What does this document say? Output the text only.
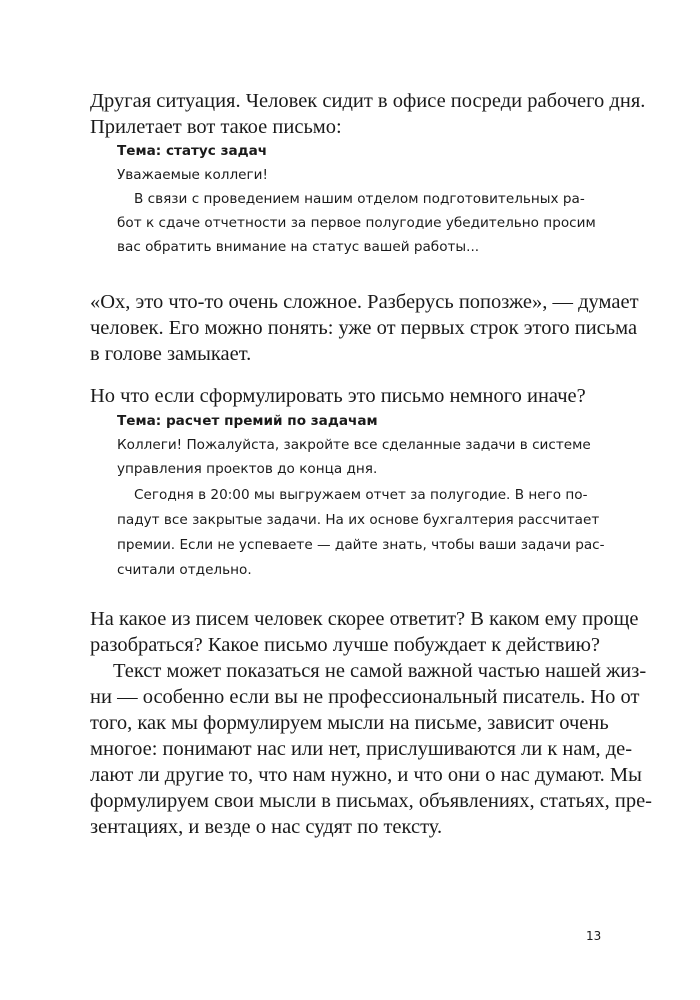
Другая ситуация. Человек сидит в офисе посреди рабочего дня.
Прилетает вот такое письмо:
Тема: статус задач
Уважаемые коллеги!
В связи с проведением нашим отделом подготовительных ра-
бот к сдаче отчетности за первое полугодие убедительно просим
вас обратить внимание на статус вашей работы...
«Ох, это что-то очень сложное. Разберусь попозже», — думает
человек. Его можно понять: уже от первых строк этого письма
в голове замыкает.
Но что если сформулировать это письмо немного иначе?
Тема: расчет премий по задачам
Коллеги! Пожалуйста, закройте все сделанные задачи в системе
управления проектов до конца дня.
Сегодня в 20:00 мы выгружаем отчет за полугодие. В него по-
падут все закрытые задачи. На их основе бухгалтерия рассчитает
премии. Если не успеваете — дайте знать, чтобы ваши задачи рас-
считали отдельно.
На какое из писем человек скорее ответит? В каком ему проще
разобраться? Какое письмо лучше побуждает к действию?
Текст может показаться не самой важной частью нашей жиз-
ни — особенно если вы не профессиональный писатель. Но от
того, как мы формулируем мысли на письме, зависит очень
многое: понимают нас или нет, прислушиваются ли к нам, де-
лают ли другие то, что нам нужно, и что они о нас думают. Мы
формулируем свои мысли в письмах, объявлениях, статьях, пре-
зентациях, и везде о нас судят по тексту.
13
